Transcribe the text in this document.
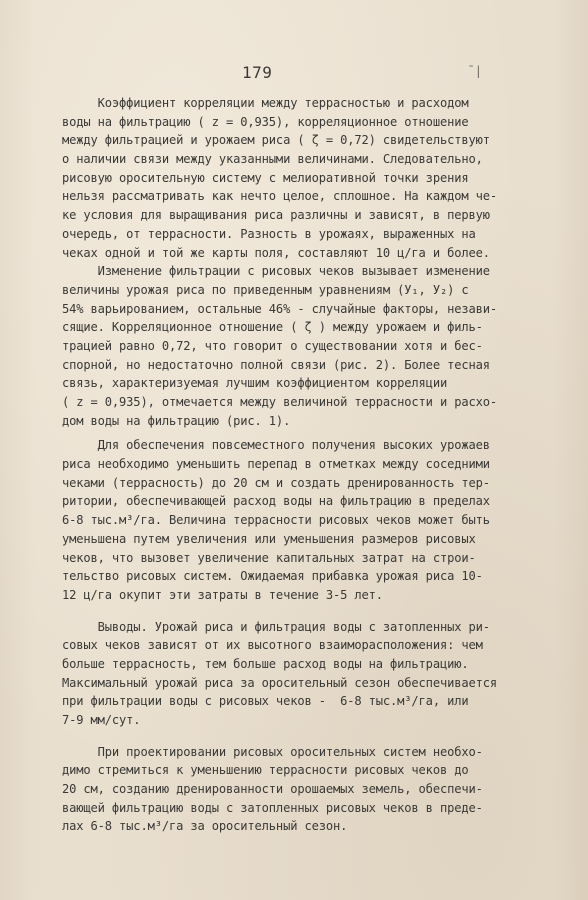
ˉ|
179
Коэффициент корреляции между террасностью и расходом
воды на фильтрацию ( z = 0,935), корреляционное отношение
между фильтрацией и урожаем риса ( ζ = 0,72) свидетельствуют
о наличии связи между указанными величинами. Следовательно,
рисовую оросительную систему с мелиоративной точки зрения
нельзя рассматривать как нечто целое, сплошное. На каждом че-
ке условия для выращивания риса различны и зависят, в первую
очередь, от террасности. Разность в урожаях, выраженных на
чеках одной и той же карты поля, составляют 10 ц/га и более.
Изменение фильтрации с рисовых чеков вызывает изменение
величины урожая риса по приведенным уравнениям (У₁, У₂) с
54% варьированием, остальные 46% - случайные факторы, незави-
сящие. Корреляционное отношение ( ζ ) между урожаем и филь-
трацией равно 0,72, что говорит о существовании хотя и бес-
спорной, но недостаточно полной связи (рис. 2). Более тесная
связь, характеризуемая лучшим коэффициентом корреляции
( z = 0,935), отмечается между величиной террасности и расхо-
дом воды на фильтрацию (рис. 1).
Для обеспечения повсеместного получения высоких урожаев
риса необходимо уменьшить перепад в отметках между соседними
чеками (террасность) до 20 см и создать дренированность тер-
ритории, обеспечивающей расход воды на фильтрацию в пределах
6-8 тыс.м³/га. Величина террасности рисовых чеков может быть
уменьшена путем увеличения или уменьшения размеров рисовых
чеков, что вызовет увеличение капитальных затрат на строи-
тельство рисовых систем. Ожидаемая прибавка урожая риса 10-
12 ц/га окупит эти затраты в течение 3-5 лет.
Выводы. Урожай риса и фильтрация воды с затопленных ри-
совых чеков зависят от их высотного взаиморасположения: чем
больше террасность, тем больше расход воды на фильтрацию.
Максимальный урожай риса за оросительный сезон обеспечивается
при фильтрации воды с рисовых чеков -  6-8 тыс.м³/га, или
7-9 мм/сут.
При проектировании рисовых оросительных систем необхо-
димо стремиться к уменьшению террасности рисовых чеков до
20 см, созданию дренированности орошаемых земель, обеспечи-
вающей фильтрацию воды с затопленных рисовых чеков в преде-
лах 6-8 тыс.м³/га за оросительный сезон.
